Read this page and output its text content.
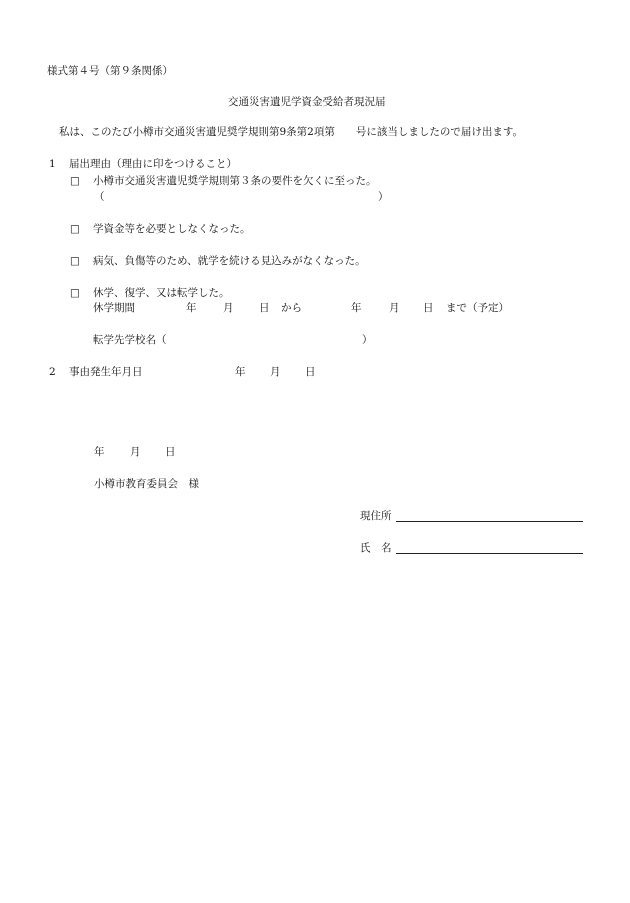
様式第４号（第９条関係）
交通災害遺児学資金受給者現況届
私は、このたび小樽市交通災害遺児奨学規則第9条第2項第　　号に該当しましたので届け出ます。
1 届出理由（理由に印をつけること）
□ 小樽市交通災害遺児奨学規則第３条の要件を欠くに至った。
（	）
□ 学資金等を必要としなくなった。
□ 病気、負傷等のため、就学を続ける見込みがなくなった。
□ 休学、復学、又は転学した。
休学期間	年	月 日 から	年	月 日 まで（予定）
転学先学校名（	）
2 事由発生年月日	年 月 日
年 月 日
小樽市教育委員会　様
現住所
氏　名
